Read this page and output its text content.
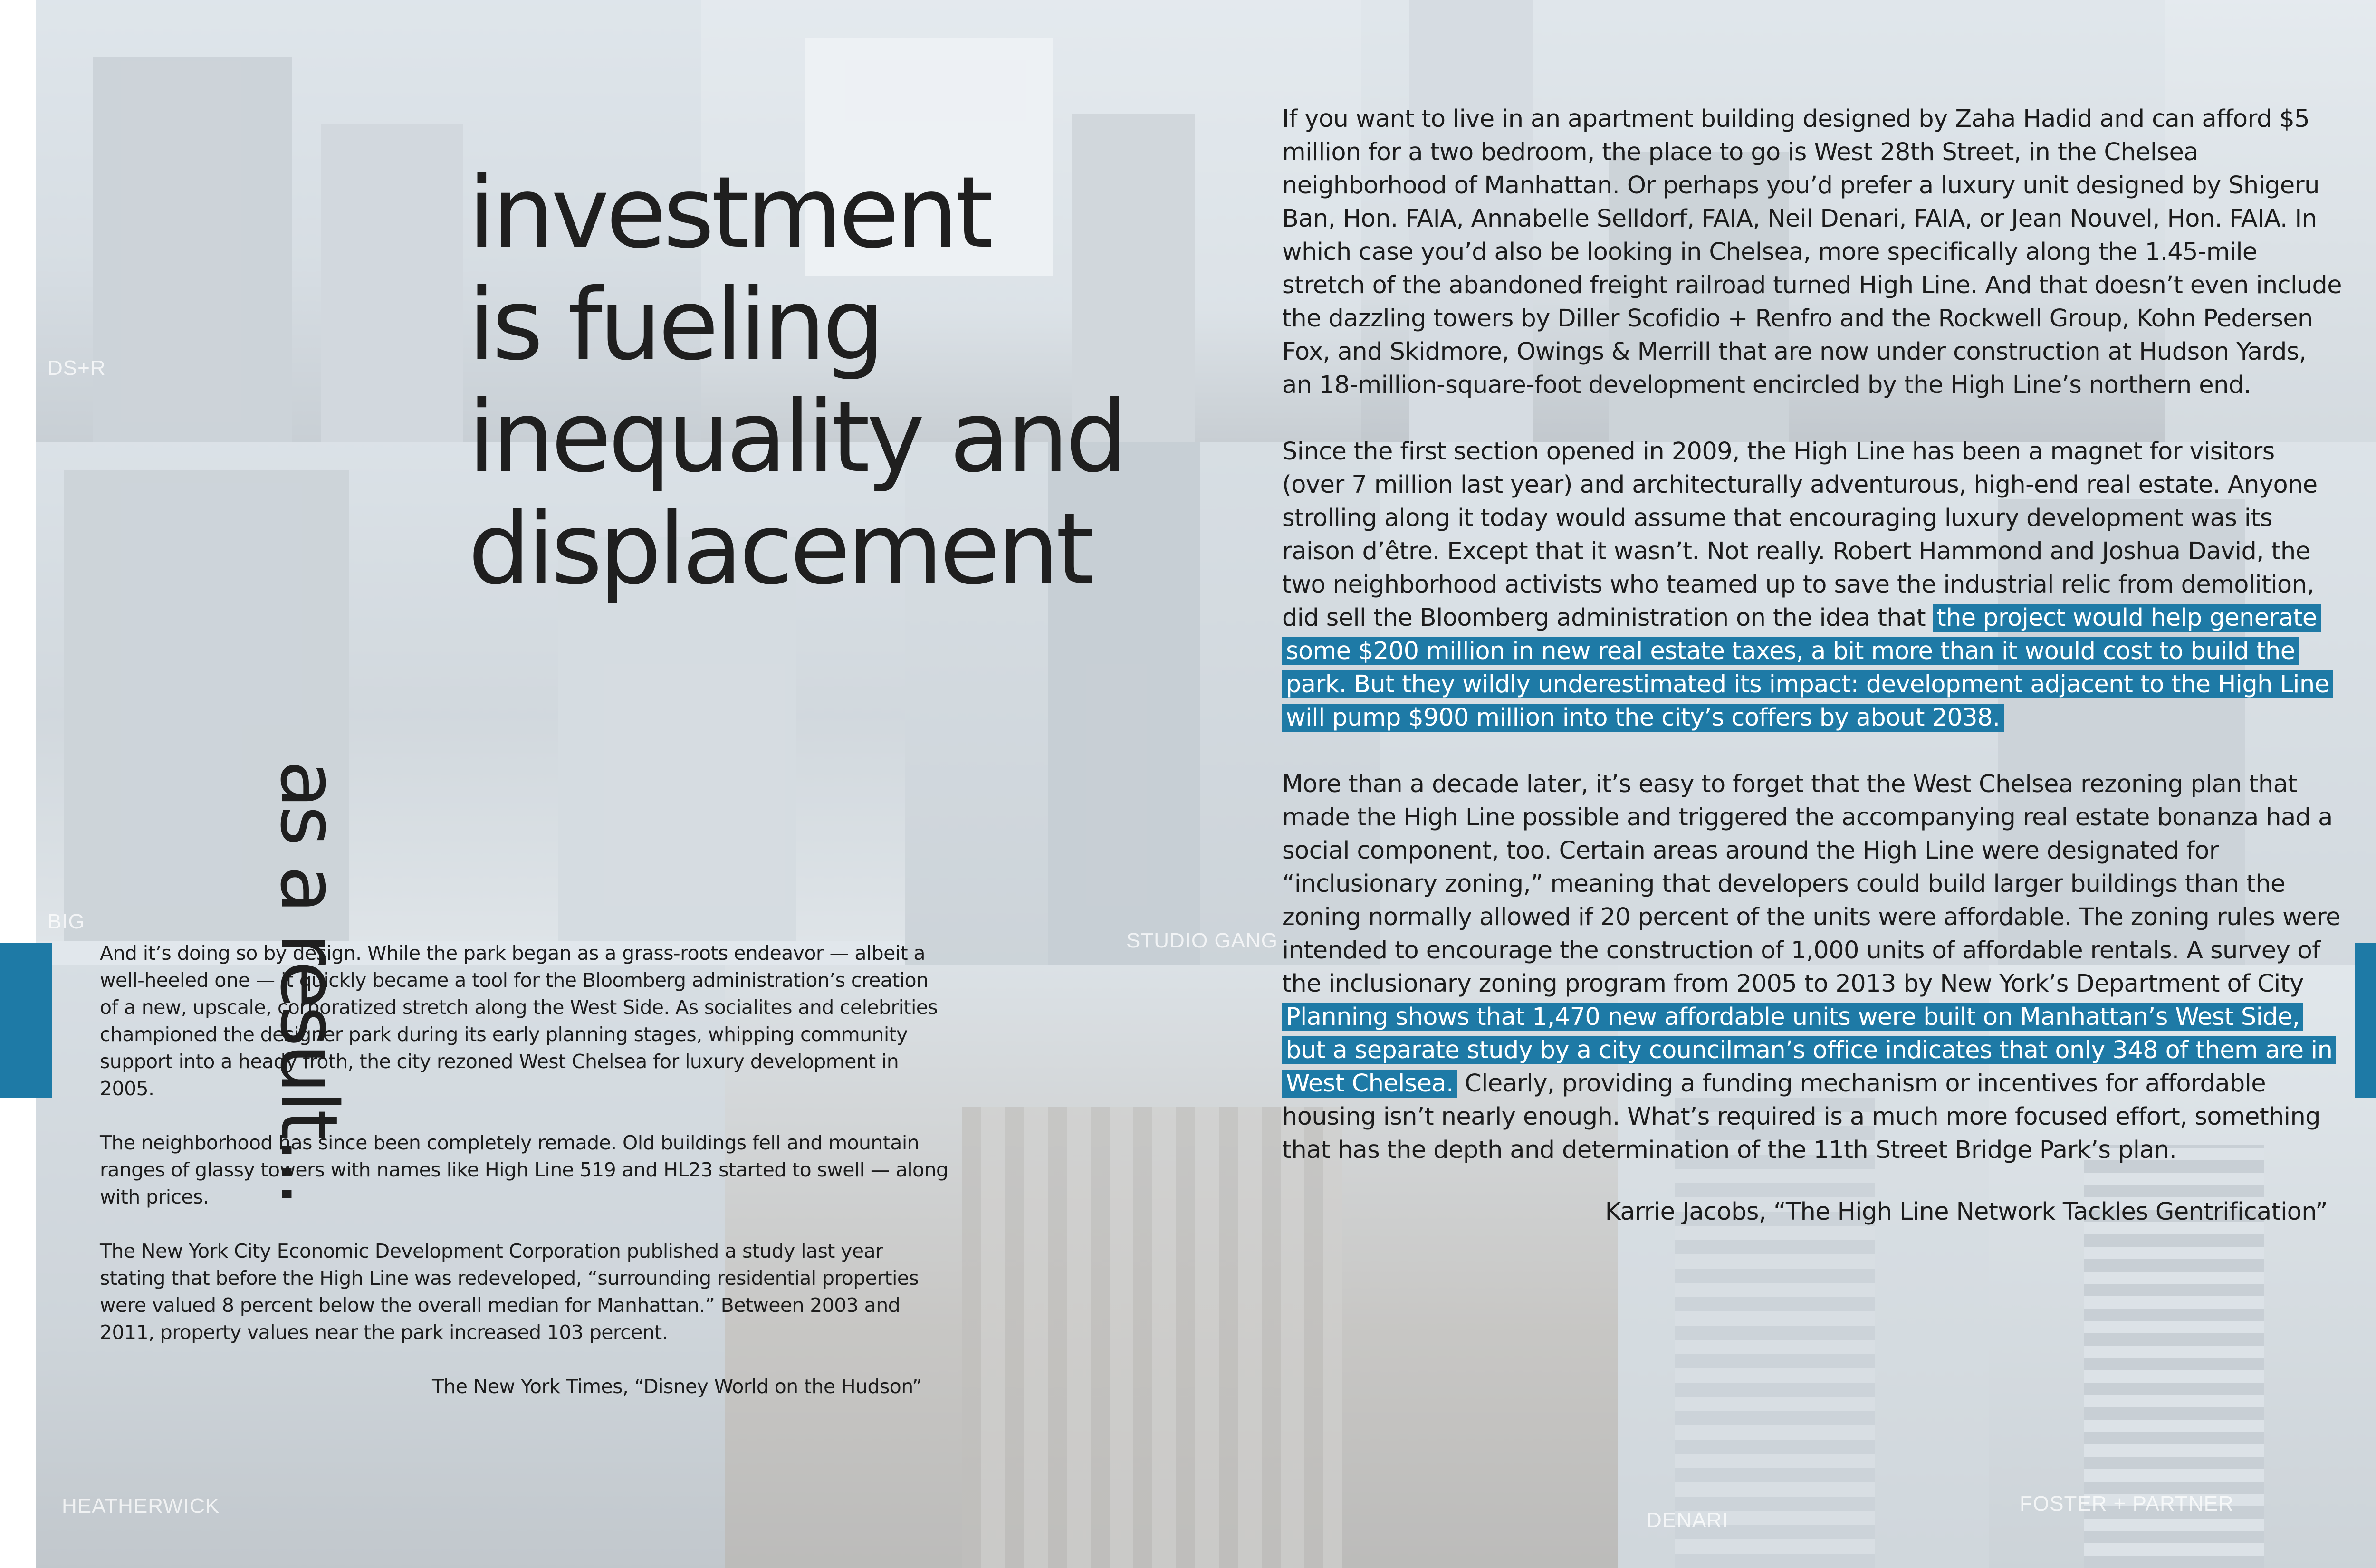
DS+R
BIG
STUDIO GANG
HEATHERWICK
DENARI
FOSTER + PARTNER
as a result...
investment
is fueling
inequality and
displacement

If you want to live in an apartment building designed by Zaha Hadid and can afford $5 million for a two bedroom, the place to go is West 28th Street, in the Chelsea neighborhood of Manhattan. Or perhaps you’d prefer a luxury unit designed by Shigeru Ban, Hon. FAIA, Annabelle Selldorf, FAIA, Neil Denari, FAIA, or Jean Nouvel, Hon. FAIA. In which case you’d also be looking in Chelsea, more specifically along the 1.45-mile stretch of the abandoned freight railroad turned High Line. And that doesn’t even include the dazzling towers by Diller Scofidio + Renfro and the Rockwell Group, Kohn Pedersen Fox, and Skidmore, Owings & Merrill that are now under construction at Hudson Yards, an 18-million-square-foot development encircled by the High Line’s northern end.

Since the first section opened in 2009, the High Line has been a magnet for visitors (over 7 million last year) and architecturally adventurous, high-end real estate. Anyone strolling along it today would assume that encouraging luxury development was its raison d’être. Except that it wasn’t. Not really. Robert Hammond and Joshua David, the two neighborhood activists who teamed up to save the industrial relic from demolition, did sell the Bloomberg administration on the idea that the project would help generate some $200 million in new real estate taxes, a bit more than it would cost to build the park. But they wildly underestimated its impact: development adjacent to the High Line will pump $900 million into the city’s coffers by about 2038.

More than a decade later, it’s easy to forget that the West Chelsea rezoning plan that made the High Line possible and triggered the accompanying real estate bonanza had a social component, too. Certain areas around the High Line were designated for “inclusionary zoning,” meaning that developers could build larger buildings than the zoning normally allowed if 20 percent of the units were affordable. The zoning rules were intended to encourage the construction of 1,000 units of affordable rentals. A survey of the inclusionary zoning program from 2005 to 2013 by New York’s Department of City Planning shows that 1,470 new affordable units were built on Manhattan’s West Side, but a separate study by a city councilman’s office indicates that only 348 of them are in West Chelsea. Clearly, providing a funding mechanism or incentives for affordable housing isn’t nearly enough. What’s required is a much more focused effort, something that has the depth and determination of the 11th Street Bridge Park’s plan.

Karrie Jacobs, “The High Line Network Tackles Gentrification”

And it’s doing so by design. While the park began as a grass-roots endeavor — albeit a well-heeled one — it quickly became a tool for the Bloomberg administration’s creation of a new, upscale, corporatized stretch along the West Side. As socialites and celebrities championed the designer park during its early planning stages, whipping community support into a heady froth, the city rezoned West Chelsea for luxury development in 2005.

The neighborhood has since been completely remade. Old buildings fell and mountain ranges of glassy towers with names like High Line 519 and HL23 started to swell — along with prices.

The New York City Economic Development Corporation published a study last year stating that before the High Line was redeveloped, “surrounding residential properties were valued 8 percent below the overall median for Manhattan.” Between 2003 and 2011, property values near the park increased 103 percent.

The New York Times, “Disney World on the Hudson”
